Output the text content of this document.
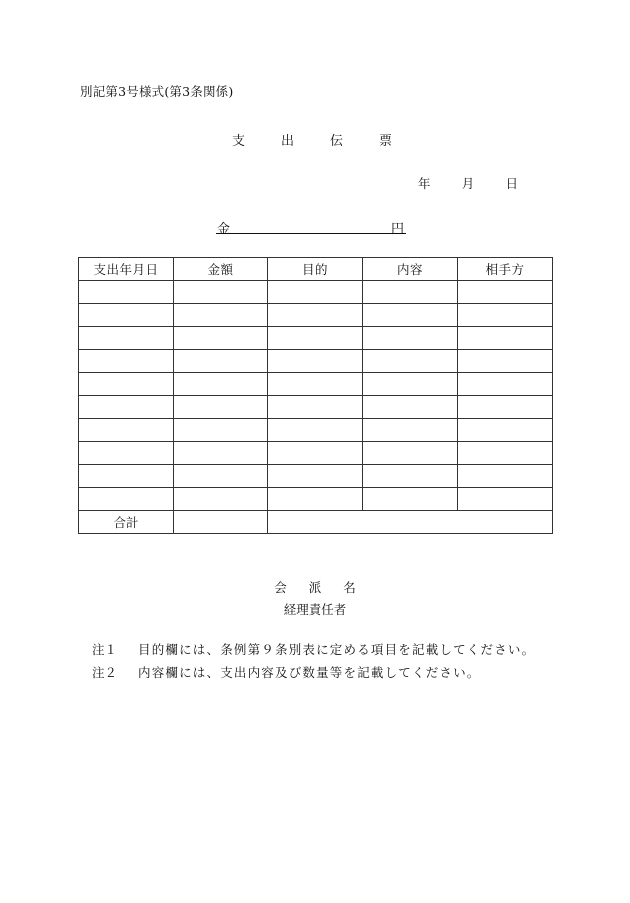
別記第3号様式(第3条関係)
支	出	伝	票
年 月 日
金	円
支出年月日	金額	目的	内容	相手方

合計				
会 派 名
経理責任者
注１	目的欄には、条例第９条別表に定める項目を記載してください。
注２	内容欄には、支出内容及び数量等を記載してください。
